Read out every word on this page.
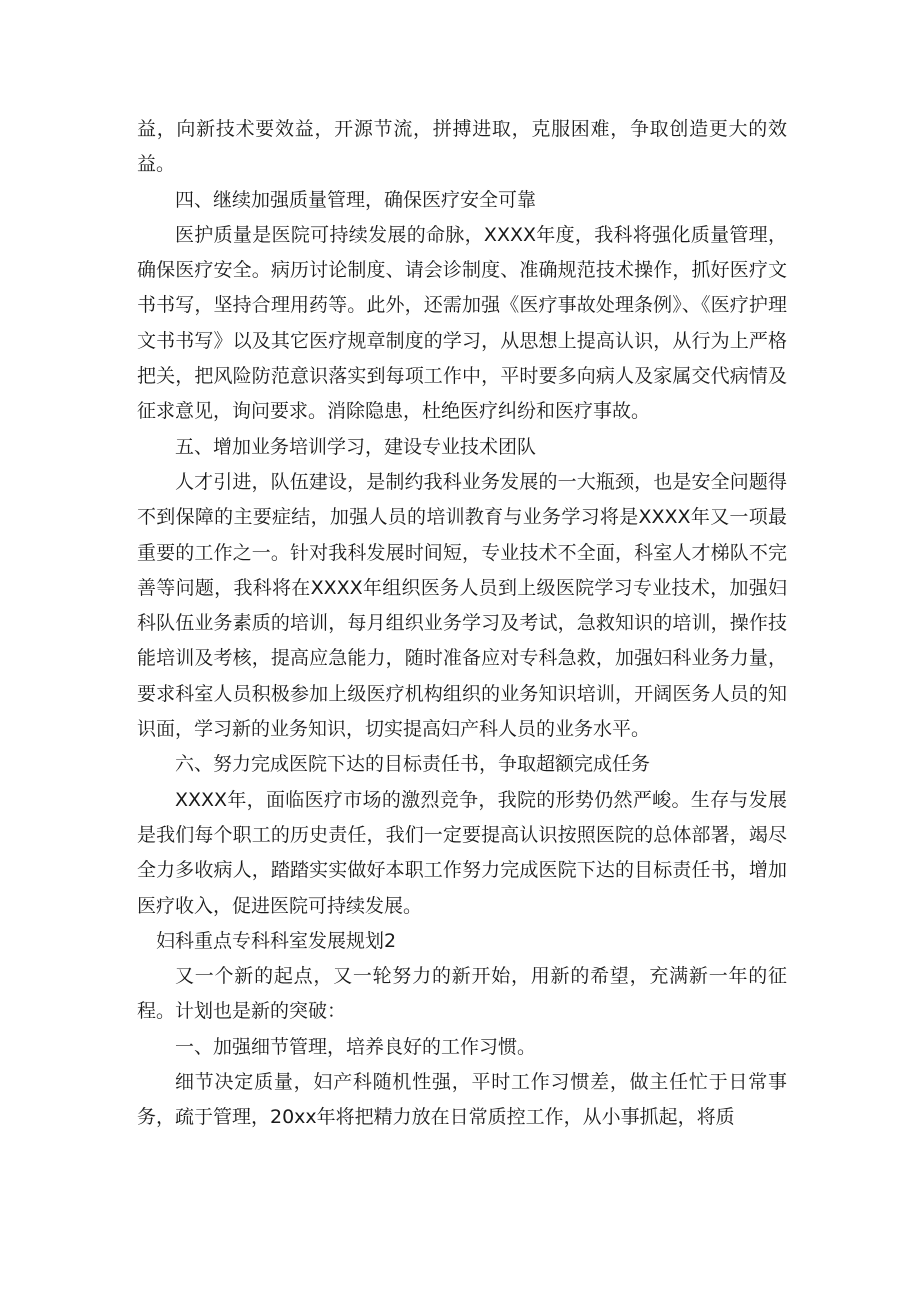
益，向新技术要效益，开源节流，拼搏进取，克服困难，争取创造更大的效益。

四、继续加强质量管理，确保医疗安全可靠

医护质量是医院可持续发展的命脉，XXXX年度，我科将强化质量管理，确保医疗安全。病历讨论制度、请会诊制度、准确规范技术操作，抓好医疗文书书写，坚持合理用药等。此外，还需加强《医疗事故处理条例》、《医疗护理文书书写》以及其它医疗规章制度的学习，从思想上提高认识，从行为上严格把关，把风险防范意识落实到每项工作中，平时要多向病人及家属交代病情及征求意见，询问要求。消除隐患，杜绝医疗纠纷和医疗事故。

五、增加业务培训学习，建设专业技术团队

人才引进，队伍建设，是制约我科业务发展的一大瓶颈，也是安全问题得不到保障的主要症结，加强人员的培训教育与业务学习将是XXXX年又一项最重要的工作之一。针对我科发展时间短，专业技术不全面，科室人才梯队不完善等问题，我科将在XXXX年组织医务人员到上级医院学习专业技术，加强妇科队伍业务素质的培训，每月组织业务学习及考试，急救知识的培训，操作技能培训及考核，提高应急能力，随时准备应对专科急救，加强妇科业务力量，要求科室人员积极参加上级医疗机构组织的业务知识培训，开阔医务人员的知识面，学习新的业务知识，切实提高妇产科人员的业务水平。

六、努力完成医院下达的目标责任书，争取超额完成任务

XXXX年，面临医疗市场的激烈竞争，我院的形势仍然严峻。生存与发展是我们每个职工的历史责任，我们一定要提高认识按照医院的总体部署，竭尽全力多收病人，踏踏实实做好本职工作努力完成医院下达的目标责任书，增加医疗收入，促进医院可持续发展。

妇科重点专科科室发展规划2

又一个新的起点，又一轮努力的新开始，用新的希望，充满新一年的征程。计划也是新的突破：

一、加强细节管理，培养良好的工作习惯。

细节决定质量，妇产科随机性强，平时工作习惯差，做主任忙于日常事务，疏于管理，20xx年将把精力放在日常质控工作，从小事抓起，将质
